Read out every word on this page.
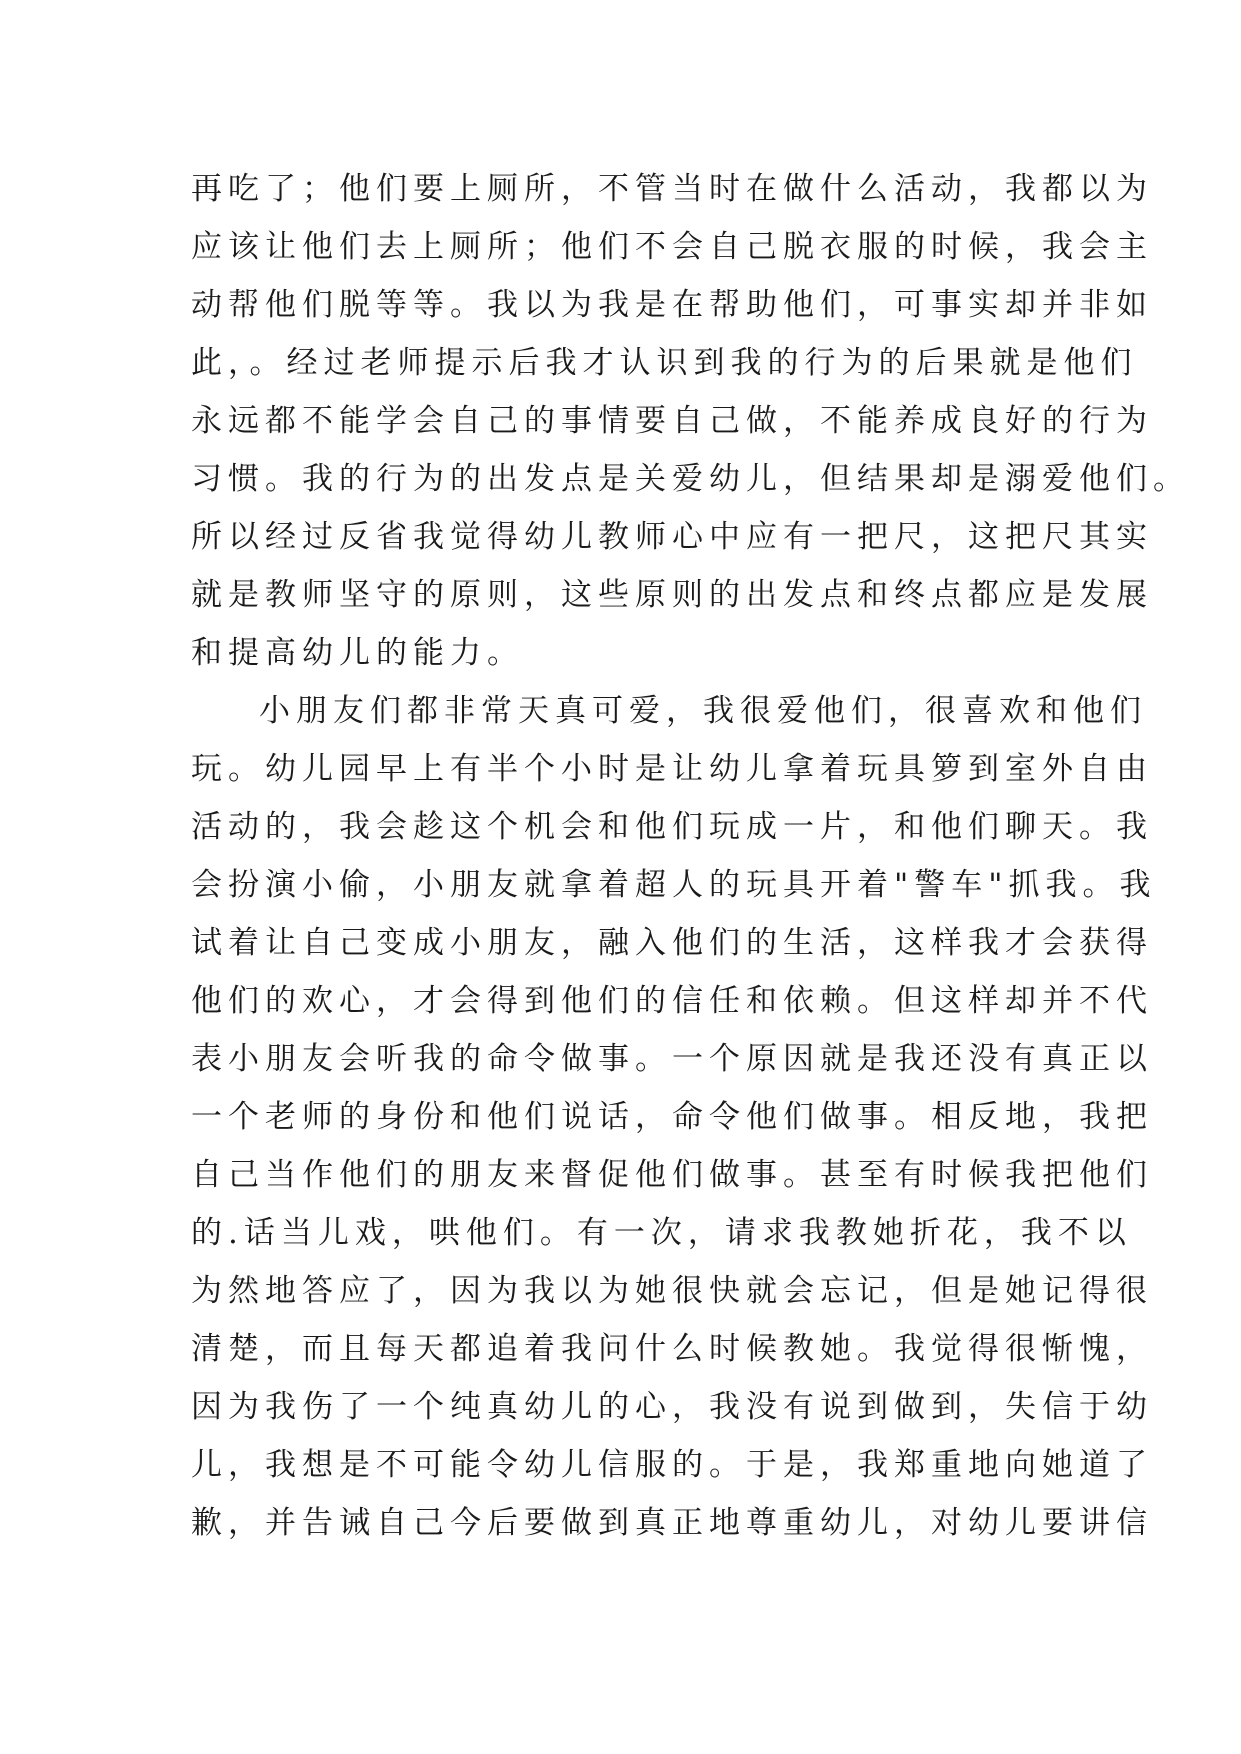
再吃了；他们要上厕所，不管当时在做什么活动，我都以为
应该让他们去上厕所；他们不会自己脱衣服的时候，我会主
动帮他们脱等等。我以为我是在帮助他们，可事实却并非如
此，。经过老师提示后我才认识到我的行为的后果就是他们
永远都不能学会自己的事情要自己做，不能养成良好的行为
习惯。我的行为的出发点是关爱幼儿，但结果却是溺爱他们。
所以经过反省我觉得幼儿教师心中应有一把尺，这把尺其实
就是教师坚守的原则，这些原则的出发点和终点都应是发展
和提高幼儿的能力。
小朋友们都非常天真可爱，我很爱他们，很喜欢和他们
玩。幼儿园早上有半个小时是让幼儿拿着玩具箩到室外自由
活动的，我会趁这个机会和他们玩成一片，和他们聊天。我
会扮演小偷，小朋友就拿着超人的玩具开着"警车"抓我。我
试着让自己变成小朋友，融入他们的生活，这样我才会获得
他们的欢心，才会得到他们的信任和依赖。但这样却并不代
表小朋友会听我的命令做事。一个原因就是我还没有真正以
一个老师的身份和他们说话，命令他们做事。相反地，我把
自己当作他们的朋友来督促他们做事。甚至有时候我把他们
的.话当儿戏，哄他们。有一次，请求我教她折花，我不以
为然地答应了，因为我以为她很快就会忘记，但是她记得很
清楚，而且每天都追着我问什么时候教她。我觉得很惭愧，
因为我伤了一个纯真幼儿的心，我没有说到做到，失信于幼
儿，我想是不可能令幼儿信服的。于是，我郑重地向她道了
歉，并告诫自己今后要做到真正地尊重幼儿，对幼儿要讲信
